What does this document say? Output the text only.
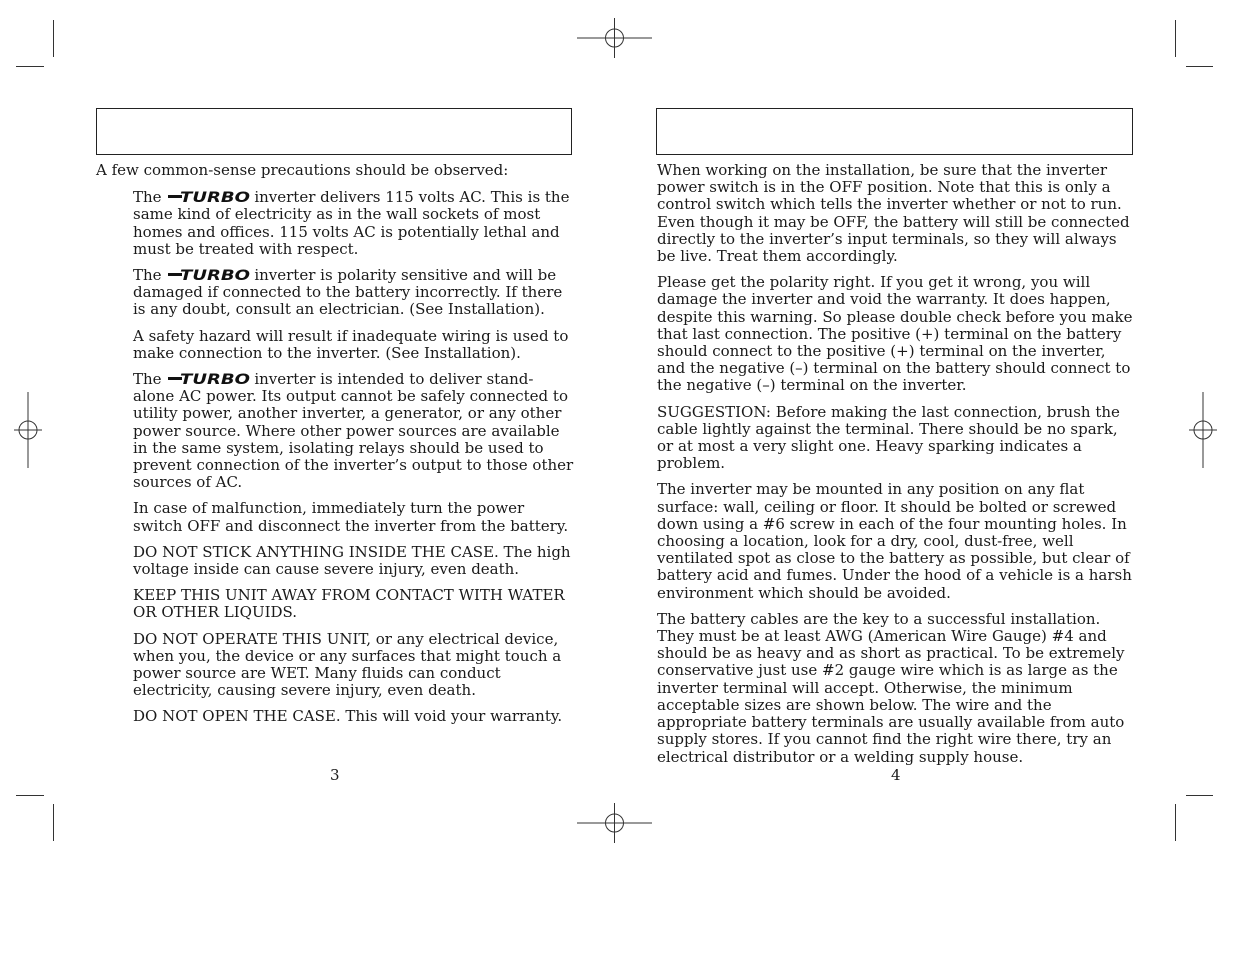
A few common-sense precautions should be observed:

The TURBO inverter delivers 115 volts AC. This is the same kind of electricity as in the wall sockets of most homes and offices. 115 volts AC is potentially lethal and must be treated with respect.

The TURBO inverter is polarity sensitive and will be damaged if connected to the battery incorrectly. If there is any doubt, consult an electrician. (See Installation).

A safety hazard will result if inadequate wiring is used to make connection to the inverter. (See Installation).

The TURBO inverter is intended to deliver stand-alone AC power. Its output cannot be safely connected to utility power, another inverter, a generator, or any other power source. Where other power sources are available in the same system, isolating relays should be used to prevent connection of the inverter’s output to those other sources of AC.

In case of malfunction, immediately turn the power switch OFF and disconnect the inverter from the battery.

DO NOT STICK ANYTHING INSIDE THE CASE. The high voltage inside can cause severe injury, even death.

KEEP THIS UNIT AWAY FROM CONTACT WITH WATER OR OTHER LIQUIDS.

DO NOT OPERATE THIS UNIT, or any electrical device, when you, the device or any surfaces that might touch a power source are WET. Many fluids can conduct electricity, causing severe injury, even death.

DO NOT OPEN THE CASE. This will void your warranty.

When working on the installation, be sure that the inverter power switch is in the OFF position. Note that this is only a control switch which tells the inverter whether or not to run. Even though it may be OFF, the battery will still be connected directly to the inverter’s input terminals, so they will always be live. Treat them accordingly.

Please get the polarity right. If you get it wrong, you will damage the inverter and void the warranty. It does happen, despite this warning. So please double check before you make that last connection. The positive (+) terminal on the battery should connect to the positive (+) terminal on the inverter, and the negative (–) terminal on the battery should connect to the negative (–) terminal on the inverter.

SUGGESTION: Before making the last connection, brush the cable lightly against the terminal. There should be no spark, or at most a very slight one. Heavy sparking indicates a problem.

The inverter may be mounted in any position on any flat surface: wall, ceiling or floor. It should be bolted or screwed down using a #6 screw in each of the four mounting holes. In choosing a location, look for a dry, cool, dust-free, well ventilated spot as close to the battery as possible, but clear of battery acid and fumes. Under the hood of a vehicle is a harsh environment which should be avoided.

The battery cables are the key to a successful installation. They must be at least AWG (American Wire Gauge) #4 and should be as heavy and as short as practical. To be extremely conservative just use #2 gauge wire which is as large as the inverter terminal will accept. Otherwise, the minimum acceptable sizes are shown below. The wire and the appropriate battery terminals are usually available from auto supply stores. If you cannot find the right wire there, try an electrical distributor or a welding supply house.

3	4
